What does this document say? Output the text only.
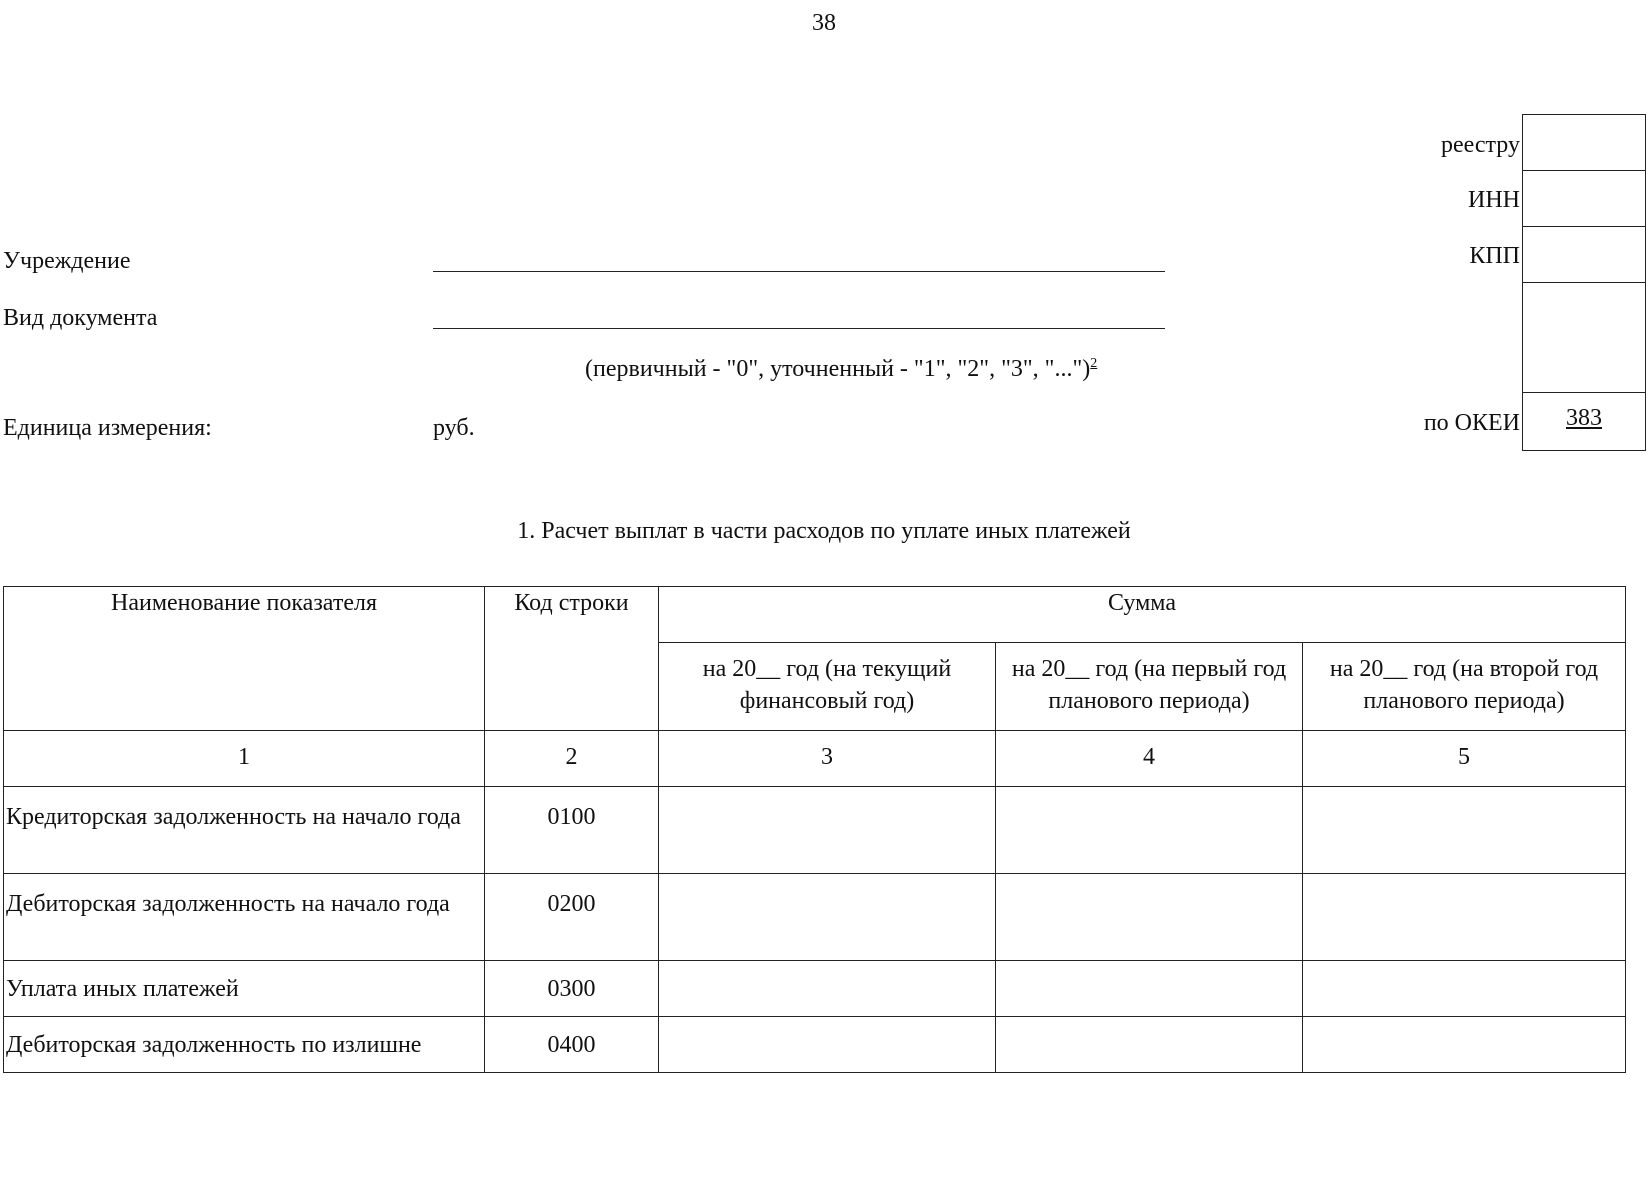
38
Учреждение
Вид документа
(первичный - "0", уточненный - "1", "2", "3", "...")$^2$
Единица измерения:	руб.
реестру
ИНН
КПП
по ОКЕИ	383
1. Расчет выплат в части расходов по уплате иных платежей
Наименование показателя	Код строки	Сумма		
		на 20__ год (на текущий финансовый год)	на 20__ год (на первый год планового периода)	на 20__ год (на второй год планового периода)
1	2	3	4	5
Кредиторская задолженность на начало года	0100			
Дебиторская задолженность на начало года	0200			
Уплата иных платежей	0300			
Дебиторская задолженность по излишне	0400			
